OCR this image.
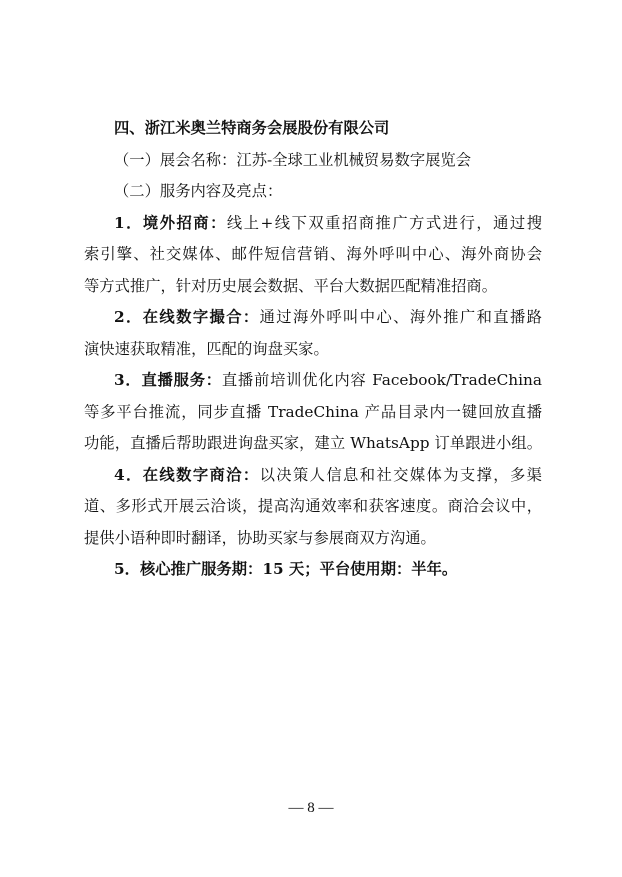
四、浙江米奥兰特商务会展股份有限公司
（一）展会名称：江苏-全球工业机械贸易数字展览会
（二）服务内容及亮点：
1．境外招商：线上+线下双重招商推广方式进行，通过搜
索引擎、社交媒体、邮件短信营销、海外呼叫中心、海外商协会
等方式推广，针对历史展会数据、平台大数据匹配精准招商。
2．在线数字撮合：通过海外呼叫中心、海外推广和直播路
演快速获取精准，匹配的询盘买家。
3．直播服务：直播前培训优化内容 Facebook/TradeChina
等多平台推流，同步直播 TradeChina 产品目录内一键回放直播
功能，直播后帮助跟进询盘买家，建立 WhatsApp 订单跟进小组。
4．在线数字商洽：以决策人信息和社交媒体为支撑，多渠
道、多形式开展云洽谈，提高沟通效率和获客速度。商洽会议中，
提供小语种即时翻译，协助买家与参展商双方沟通。
5．核心推广服务期：15 天；平台使用期：半年。
— 8 —
